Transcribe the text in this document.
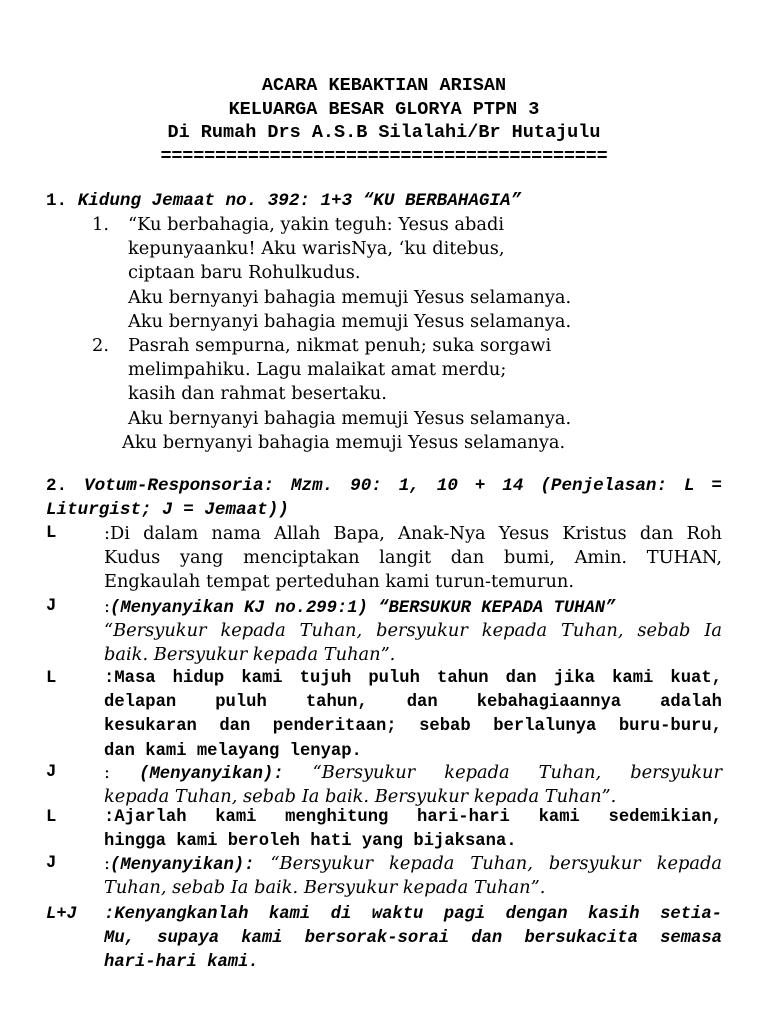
ACARA KEBAKTIAN ARISAN
KELUARGA BESAR GLORYA PTPN 3
Di Rumah Drs A.S.B Silalahi/Br Hutajulu
=========================================
1. Kidung Jemaat no. 392: 1+3 “KU BERBAHAGIA”
1. “Ku berbahagia, yakin teguh: Yesus abadi
kepunyaanku! Aku warisNya, ‘ku ditebus,
ciptaan baru Rohulkudus.
Aku bernyanyi bahagia memuji Yesus selamanya.
Aku bernyanyi bahagia memuji Yesus selamanya.
2. Pasrah sempurna, nikmat penuh; suka sorgawi
melimpahiku. Lagu malaikat amat merdu;
kasih dan rahmat besertaku.
Aku bernyanyi bahagia memuji Yesus selamanya.
Aku bernyanyi bahagia memuji Yesus selamanya.
2. Votum-Responsoria: Mzm. 90: 1, 10 + 14 (Penjelasan: L =
Liturgist; J = Jemaat))
L	:Di dalam nama Allah Bapa, Anak-Nya Yesus Kristus dan Roh
Kudus yang menciptakan langit dan bumi, Amin. TUHAN,
Engkaulah tempat perteduhan kami turun-temurun.
J	:(Menyanyikan KJ no.299:1) “BERSUKUR KEPADA TUHAN”
“Bersyukur kepada Tuhan, bersyukur kepada Tuhan, sebab Ia
baik. Bersyukur kepada Tuhan”.
L	:Masa hidup kami tujuh puluh tahun dan jika kami kuat,
delapan puluh tahun, dan kebahagiaannya adalah
kesukaran dan penderitaan; sebab berlalunya buru-buru,
dan kami melayang lenyap.
J	: (Menyanyikan): “Bersyukur kepada Tuhan, bersyukur
kepada Tuhan, sebab Ia baik. Bersyukur kepada Tuhan”.
L	:Ajarlah kami menghitung hari-hari kami sedemikian,
hingga kami beroleh hati yang bijaksana.
J	:(Menyanyikan): “Bersyukur kepada Tuhan, bersyukur kepada
Tuhan, sebab Ia baik. Bersyukur kepada Tuhan”.
L+J :Kenyangkanlah kami di waktu pagi dengan kasih setia-
Mu, supaya kami bersorak-sorai dan bersukacita semasa
hari-hari kami.
